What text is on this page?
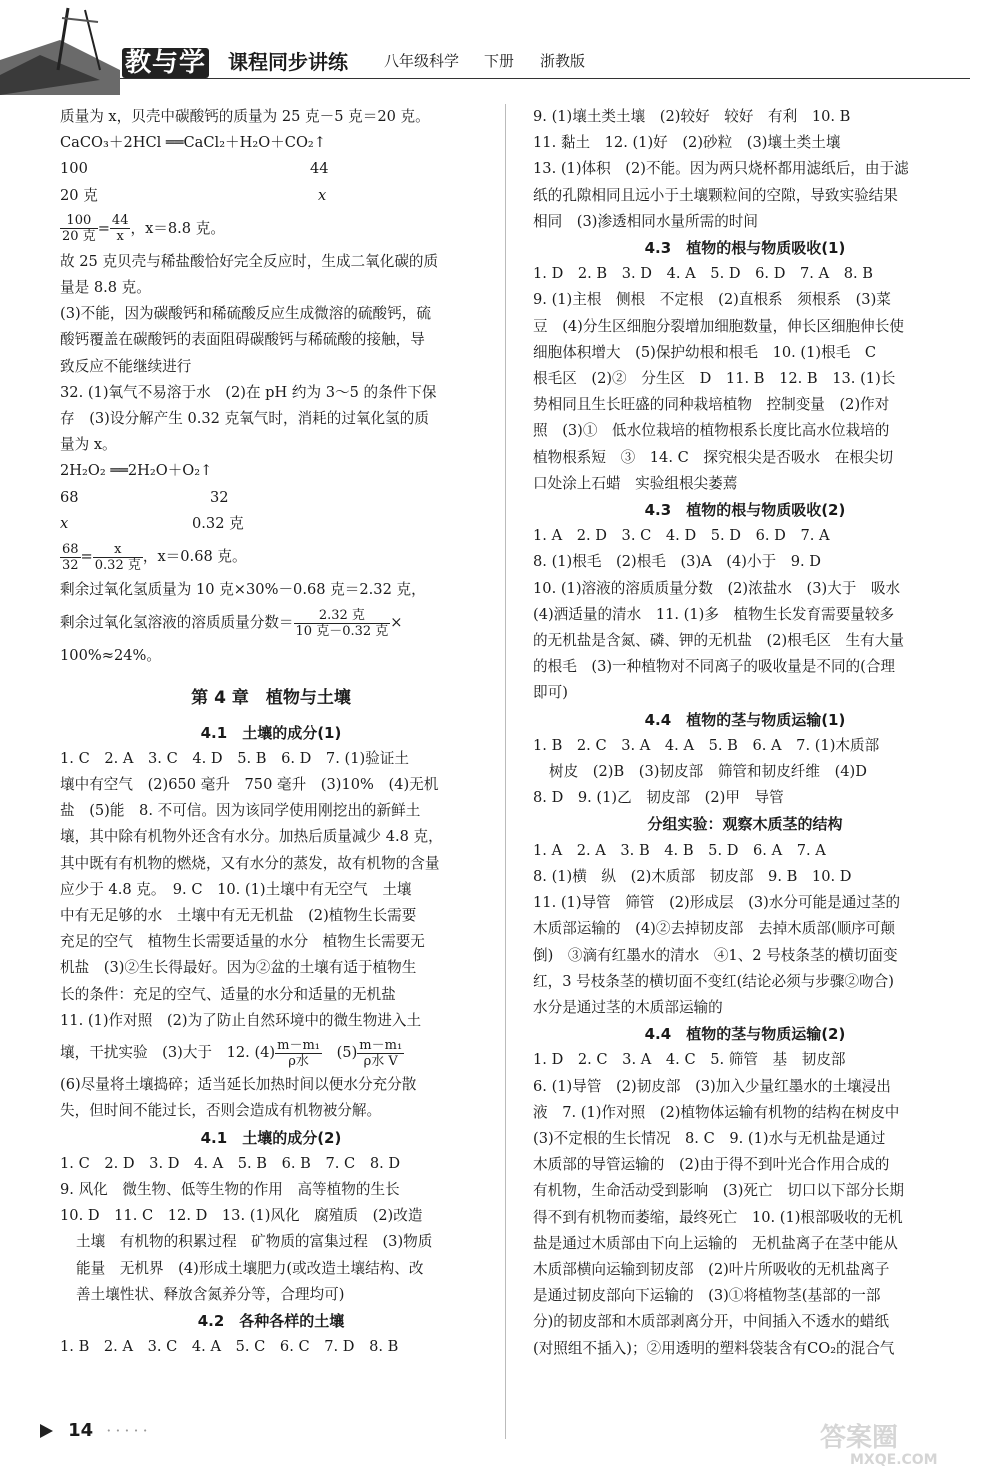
教与学 课程同步讲练 八年级科学 下册 浙教版
质量为 x，贝壳中碳酸钙的质量为 25 克－5 克＝20 克。
CaCO₃＋2HCl ══CaCl₂＋H₂O＋CO₂↑
100	44
20 克	x
$\frac{100}{\text{20 克}} = \frac{44}{x}$ ，x＝8.8 克。
故 25 克贝壳与稀盐酸恰好完全反应时，生成二氧化碳的质
量是 8.8 克。
(3)不能，因为碳酸钙和稀硫酸反应生成微溶的硫酸钙，硫
酸钙覆盖在碳酸钙的表面阻碍碳酸钙与稀硫酸的接触，导
致反应不能继续进行
32. (1)氧气不易溶于水　(2)在 pH 约为 3～5 的条件下保
存　(3)设分解产生 0.32 克氧气时，消耗的过氧化氢的质
量为 x。
2H₂O₂ ══2H₂O＋O₂↑
68	32
x	0.32 克
$\frac{68}{32} = \frac{x}{\text{0.32 克}}$ ，x＝0.68 克。
剩余过氧化氢质量为 10 克×30%－0.68 克＝2.32 克，
剩余过氧化氢溶液的溶质质量分数＝ $\frac{\text{2.32 克}}{\text{10 克－0.32 克}}$ ×
100%≈24%。
第 4 章　植物与土壤
4.1　土壤的成分(1)
1. C　2. A　3. C　4. D　5. B　6. D　7. (1)验证土
壤中有空气　(2)650 毫升　750 毫升　(3)10%　(4)无机
盐　(5)能　8. 不可信。因为该同学使用刚挖出的新鲜土
壤，其中除有机物外还含有水分。加热后质量减少 4.8 克，
其中既有有机物的燃烧，又有水分的蒸发，故有机物的含量
应少于 4.8 克。　9. C　10. (1)土壤中有无空气　土壤
中有无足够的水　土壤中有无无机盐　(2)植物生长需要
充足的空气　植物生长需要适量的水分　植物生长需要无
机盐　(3)②生长得最好。因为②盆的土壤有适于植物生
长的条件：充足的空气、适量的水分和适量的无机盐
11. (1)作对照　(2)为了防止自然环境中的微生物进入土
壤，干扰实验　(3)大于　12. $(4) \frac{\text{m－m₁}}{\text{ρ水}}$ 　$(5) \frac{\text{m－m₁}}{\text{ρ水 V}}$
(6)尽量将土壤捣碎；适当延长加热时间以便水分充分散
失，但时间不能过长，否则会造成有机物被分解。
4.1　土壤的成分(2)
1. C　2. D　3. D　4. A　5. B　6. B　7. C　8. D
9. 风化　微生物、低等生物的作用　高等植物的生长
10. D　11. C　12. D　13. (1)风化　腐殖质　(2)改造
土壤　有机物的积累过程　矿物质的富集过程　(3)物质
能量　无机界　(4)形成土壤肥力(或改造土壤结构、改
善土壤性状、释放含氮养分等，合理均可)
4.2　各种各样的土壤
1. B　2. A　3. C　4. A　5. C　6. C　7. D　8. B
9. (1)壤土类土壤　(2)较好　较好　有利　10. B
11. 黏土　12. (1)好　(2)砂粒　(3)壤土类土壤
13. (1)体积　(2)不能。因为两只烧杯都用滤纸后，由于滤
纸的孔隙相同且远小于土壤颗粒间的空隙，导致实验结果
相同　(3)渗透相同水量所需的时间
4.3　植物的根与物质吸收(1)
1. D　2. B　3. D　4. A　5. D　6. D　7. A　8. B
9. (1)主根　侧根　不定根　(2)直根系　须根系　(3)菜
豆　(4)分生区细胞分裂增加细胞数量，伸长区细胞伸长使
细胞体积增大　(5)保护幼根和根毛　10. (1)根毛　C
根毛区　(2)②　分生区　D　11. B　12. B　13. (1)长
势相同且生长旺盛的同种栽培植物　控制变量　(2)作对
照　(3)①　低水位栽培的植物根系长度比高水位栽培的
植物根系短　③　14. C　探究根尖是否吸水　在根尖切
口处涂上石蜡　实验组根尖萎蔫
4.3　植物的根与物质吸收(2)
1. A　2. D　3. C　4. D　5. D　6. D　7. A
8. (1)根毛　(2)根毛　(3)A　(4)小于　9. D
10. (1)溶液的溶质质量分数　(2)浓盐水　(3)大于　吸水
(4)洒适量的清水　11. (1)多　植物生长发育需要量较多
的无机盐是含氮、磷、钾的无机盐　(2)根毛区　生有大量
的根毛　(3)一种植物对不同离子的吸收量是不同的(合理
即可)
4.4　植物的茎与物质运输(1)
1. B　2. C　3. A　4. A　5. B　6. A　7. (1)木质部
树皮　(2)B　(3)韧皮部　筛管和韧皮纤维　(4)D
8. D　9. (1)乙　韧皮部　(2)甲　导管
分组实验：观察木质茎的结构
1. A　2. A　3. B　4. B　5. D　6. A　7. A
8. (1)横　纵　(2)木质部　韧皮部　9. B　10. D
11. (1)导管　筛管　(2)形成层　(3)水分可能是通过茎的
木质部运输的　(4)②去掉韧皮部　去掉木质部(顺序可颠
倒)　③滴有红墨水的清水　④1、2 号枝条茎的横切面变
红，3 号枝条茎的横切面不变红(结论必须与步骤②吻合)
水分是通过茎的木质部运输的
4.4　植物的茎与物质运输(2)
1. D　2. C　3. A　4. C　5. 筛管　基　韧皮部
6. (1)导管　(2)韧皮部　(3)加入少量红墨水的土壤浸出
液　7. (1)作对照　(2)植物体运输有机物的结构在树皮中
(3)不定根的生长情况　8. C　9. (1)水与无机盐是通过
木质部的导管运输的　(2)由于得不到叶光合作用合成的
有机物，生命活动受到影响　(3)死亡　切口以下部分长期
得不到有机物而萎缩，最终死亡　10. (1)根部吸收的无机
盐是通过木质部由下向上运输的　无机盐离子在茎中能从
木质部横向运输到韧皮部　(2)叶片所吸收的无机盐离子
是通过韧皮部向下运输的　(3)①将植物茎(基部的一部
分)的韧皮部和木质部剥离分开，中间插入不透水的蜡纸
(对照组不插入)；②用透明的塑料袋装含有CO₂的混合气
14 ·····	答案圈
MXQE.COM
